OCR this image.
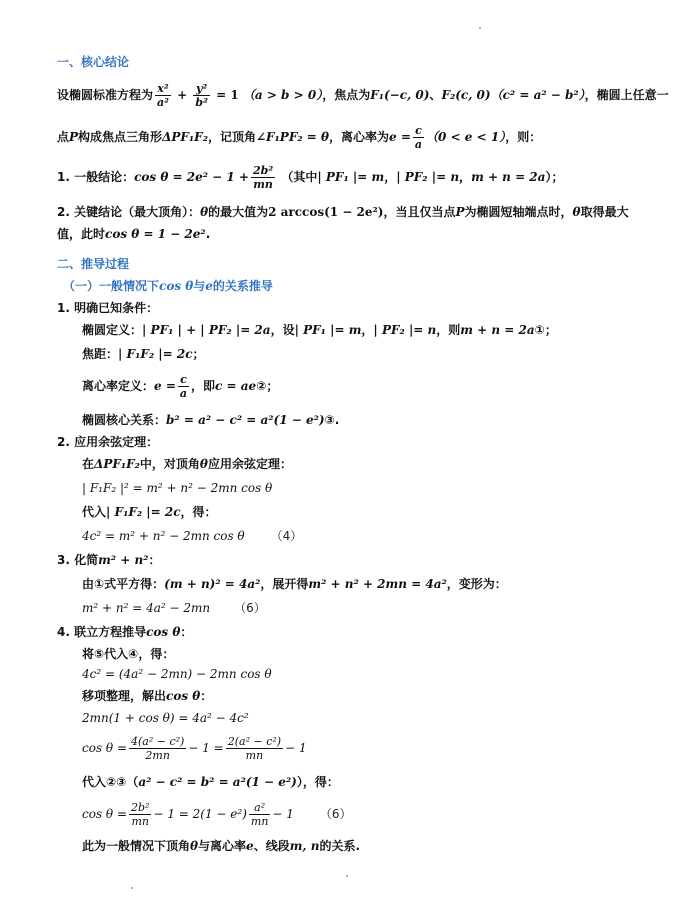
一、核心结论
设椭圆标准方程为 $\frac{\text{x²}}{\text{a²}} + \frac{\text{y²}}{\text{b²}} = 1$ （a > b > 0），焦点为F₁(−c, 0)、F₂(c, 0)（c² = a² − b²），椭圆上任意一
点P构成焦点三角形ΔPF₁F₂，记顶角∠F₁PF₂ = θ，离心率为$e = \frac{c}{a} (0 < e < 1)$，则：
1. 一般结论：$\cos \theta = 2e^2 - 1 + \frac{\text{2b²}}{mn}$ （其中| PF₁ |= m，| PF₂ |= n，m + n = 2a）；
2. 关键结论（最大顶角）：θ的最大值为2 arccos(1 − 2e²)，当且仅当点P为椭圆短轴端点时，θ取得最大
值，此时cos θ = 1 − 2e².
二、推导过程
（一）一般情况下cos θ与e的关系推导
1. 明确已知条件：
椭圆定义：| PF₁ | + | PF₂ |= 2a，设| PF₁ |= m，| PF₂ |= n，则m + n = 2a①；
焦距：| F₁F₂ |= 2c；
离心率定义：$e = \frac{c}{a}$ ，即c = ae②；
椭圆核心关系：b² = a² − c² = a²(1 − e²)③.
2. 应用余弦定理：
在ΔPF₁F₂中，对顶角θ应用余弦定理：
| F₁F₂ |² = m² + n² − 2mn cos θ
代入| F₁F₂ |= 2c，得：
4c² = m² + n² − 2mn cos θ （4）
3. 化简m² + n²：
由①式平方得：(m + n)² = 4a²，展开得m² + n² + 2mn = 4a²，变形为：
m² + n² = 4a² − 2mn （6）
4. 联立方程推导cos θ：
将⑤代入④，得：
4c² = (4a² − 2mn) − 2mn cos θ
移项整理，解出cos θ：
2mn(1 + cos θ) = 4a² − 4c²
$\cos \theta = \frac{\text{4(a² − c²)}}{2mn} - 1 = \frac{\text{2(a² − c²)}}{mn} - 1$
代入②③（a² − c² = b² = a²(1 − e²)），得：
$\cos \theta = \frac{\text{2b²}}{mn} - 1 = 2(1 - e^2) \frac{\text{a²}}{mn} - 1$ （6）
此为一般情况下顶角θ与离心率e、线段m, n的关系.
